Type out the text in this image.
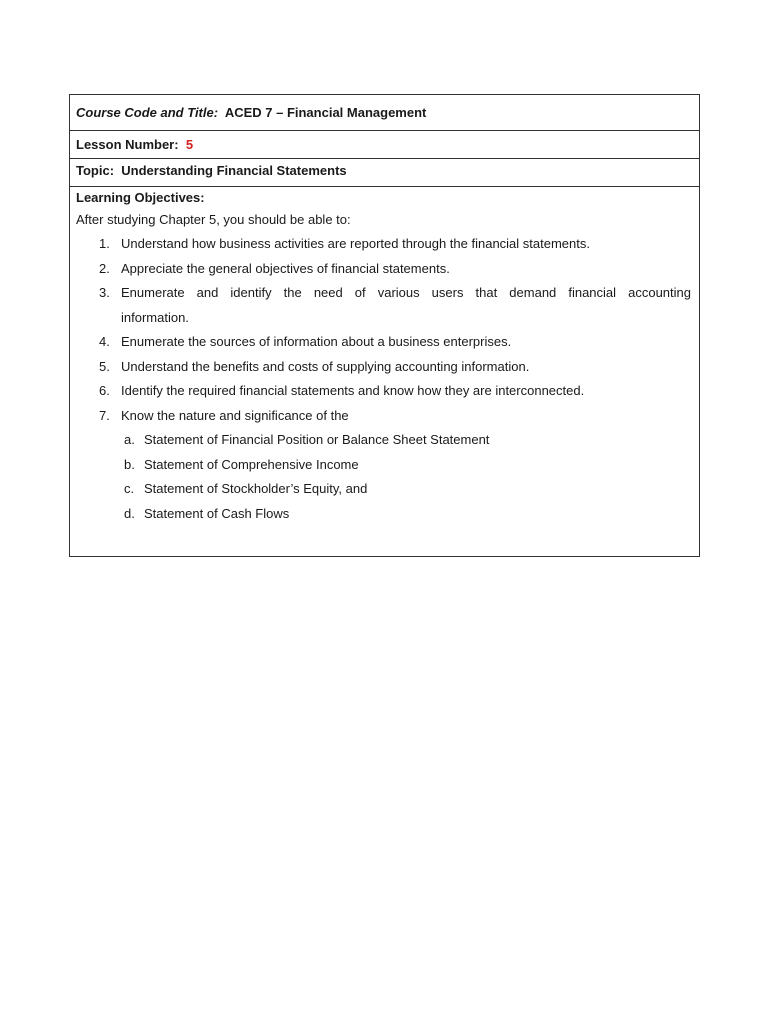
Course Code and Title: ACED 7 – Financial Management
Lesson Number: 5
Topic: Understanding Financial Statements
Learning Objectives:
After studying Chapter 5, you should be able to:
1. Understand how business activities are reported through the financial statements.
2. Appreciate the general objectives of financial statements.
3. Enumerate and identify the need of various users that demand financial accounting
information.
4. Enumerate the sources of information about a business enterprises.
5. Understand the benefits and costs of supplying accounting information.
6. Identify the required financial statements and know how they are interconnected.
7. Know the nature and significance of the
a. Statement of Financial Position or Balance Sheet Statement
b. Statement of Comprehensive Income
c. Statement of Stockholder’s Equity, and
d. Statement of Cash Flows
